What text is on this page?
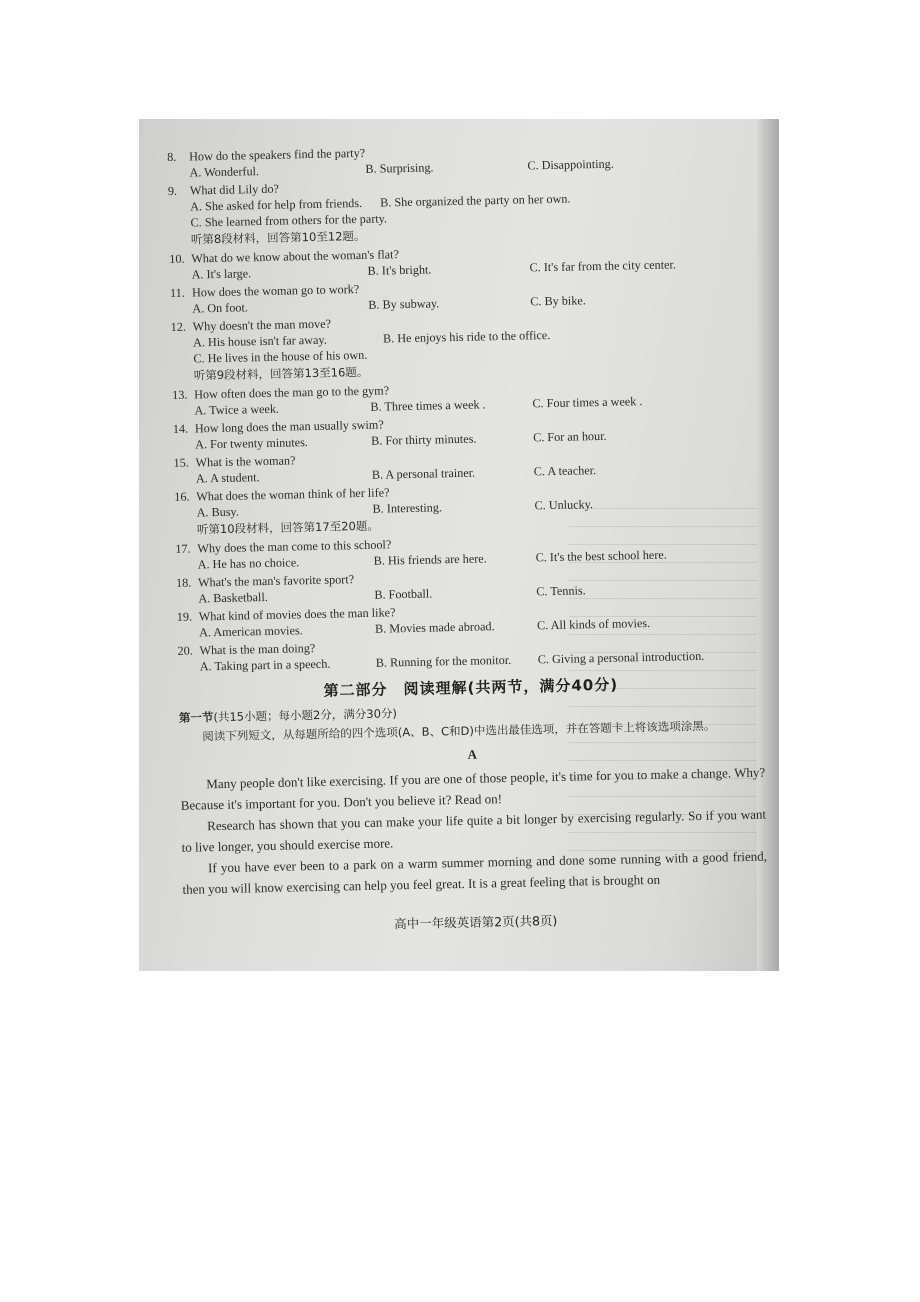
8. How do the speakers find the party?
A. Wonderful.	B. Surprising.	C. Disappointing.
9. What did Lily do?
A. She asked for help from friends. B. She organized the party on her own.
C. She learned from others for the party.
听第8段材料，回答第10至12题。
10. What do we know about the woman's flat?
A. It's large.	B. It's bright.	C. It's far from the city center.
11. How does the woman go to work?
A. On foot.	B. By subway.	C. By bike.
12. Why doesn't the man move?
A. His house isn't far away.	B. He enjoys his ride to the office.
C. He lives in the house of his own.
听第9段材料，回答第13至16题。
13. How often does the man go to the gym?
A. Twice a week.	B. Three times a week .	C. Four times a week .
14. How long does the man usually swim?
A. For twenty minutes.	B. For thirty minutes.	C. For an hour.
15. What is the woman?
A. A student.	B. A personal trainer.	C. A teacher.
16. What does the woman think of her life?
A. Busy.	B. Interesting.	C. Unlucky.
听第10段材料，回答第17至20题。
17. Why does the man come to this school?
A. He has no choice.	B. His friends are here.	C. It's the best school here.
18. What's the man's favorite sport?
A. Basketball.	B. Football.	C. Tennis.
19. What kind of movies does the man like?
A. American movies.	B. Movies made abroad.	C. All kinds of movies.
20. What is the man doing?
A. Taking part in a speech.	B. Running for the monitor. C. Giving a personal introduction.
第二部分　阅读理解(共两节，满分40分)
第一节(共15小题；每小题2分，满分30分)
阅读下列短文，从每题所给的四个选项(A、B、C和D)中选出最佳选项，并在答题卡上将该选项涂黑。
A
Many people don't like exercising. If you are one of those people, it's time for you to make a change. Why? Because it's important for you. Don't you believe it? Read on!
Research has shown that you can make your life quite a bit longer by exercising regularly. So if you want to live longer, you should exercise more.
If you have ever been to a park on a warm summer morning and done some running with a good friend, then you will know exercising can help you feel great. It is a great feeling that is brought on
高中一年级英语第2页(共8页)
